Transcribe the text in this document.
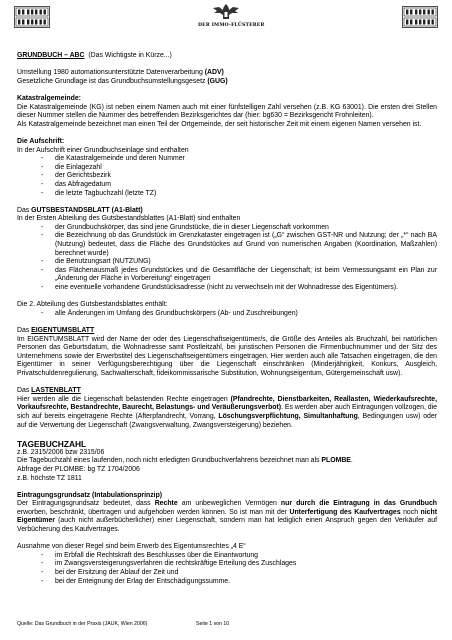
DER IMMO-FLÜSTERER

GRUNDBUCH – ABC (Das Wichtigste in Kürze...)

Umstellung 1980 automationsunterstützte Datenverarbeitung (ADV)

Gesetzliche Grundlage ist das Grundbuchsumstellungsgesetz (GUG)

Katastralgemeinde:

Die Katastralgemeinde (KG) ist neben einem Namen auch mit einer fünfstelligen Zahl versehen (z.B. KG 63001). Die ersten drei Stellen dieser Nummer stellen die Nummer des betreffenden Bezirksgerichtes dar (hier: bg630 = Bezirksgericht Frohnleiten).

Als Katastralgemeinde bezeichnet man einen Teil der Ortgemeinde, der seit historischer Zeit mit einem eigenen Namen versehen ist.

Die Aufschrift:

In der Aufschrift einer Grundbuchseinlage sind enthalten

- die Katastralgemeinde und deren Nummer
- die Einlagezahl
- der Gerichtsbezirk
- das Abfragedatum
- die letzte Tagbuchzahl (letzte TZ)

Das GUTSBESTANDSBLATT (A1-Blatt)

In der Ersten Abteilung des Gutsbestandsblattes (A1-Blatt) sind enthalten

- der Grundbuchskörper, das sind jene Grundstücke, die in dieser Liegenschaft vorkommen
- die Bezeichnung ob das Grundstück im Grenzkataster eingetragen ist („G“ zwischen GST-NR und Nutzung; der „*“ nach BA (Nutzung) bedeutet, dass die Fläche des Grundstückes auf Grund von numerischen Angaben (Koordination, Maßzahlen) berechnet wurde)
- die Benutzungsart (NUTZUNG)
- das Flächenausmaß jedes Grundstückes und die Gesamtfläche der Liegenschaft; ist beim Vermessungsamt ein Plan zur „Änderung der Fläche in Vorbereitung“ eingetragen
- eine eventuelle vorhandene Grundstücksadresse (nicht zu verwechseln mit der Wohnadresse des Eigentümers).

Die 2. Abteilung des Gutsbestandsblattes enthält:

- alle Änderungen im Umfang des Grundbuchskörpers (Ab- und Zuschreibungen)

Das EIGENTUMSBLATT

Im EIGENTUMSBLATT wird der Name der oder des Liegenschaftseigentümer/s, die Größe des Anteiles als Bruchzahl, bei natürlichen Personen das Geburtsdatum, die Wohnadresse samt Postleitzahl, bei juristischen Personen die Firmenbuchnummer und der Sitz des Unternehmens sowie der Erwerbstitel des Liegenschaftseigentümers eingetragen. Hier werden auch alle Tatsachen eingetragen, die den Eigentümer in seiner Verfügungsberechtigung über die Liegenschaft einschränken (Minderjährigkeit, Konkurs, Ausgleich, Privatschuldenregulierung, Sachwalterschaft, fideikommissarische Substitution, Wohnungseigentum, Gütergemeinschaft usw).

Das LASTENBLATT

Hier werden alle die Liegenschaft belastenden Rechte eingetragen (Pfandrechte, Dienstbarkeiten, Reallasten, Wiederkaufsrechte, Vorkaufsrechte, Bestandrechte, Baurecht, Belastungs- und Veräußerungsverbot). Es werden aber auch Eintragungen vollzogen, die sich auf bereits eingetragene Rechte (Afterpfandrecht, Vorrang, Löschungsverpflichtung, Simultanhaftung, Bedingungen usw) oder auf die Verwertung der Liegenschaft (Zwangsverwaltung, Zwangsversteigerung) beziehen.

TAGEBUCHZAHL

z.B. 2315/2006 bzw 2315/06

Die Tagebuchzahl eines laufenden, noch nicht erledigten Grundbuchverfahrens bezeichnet man als PLOMBE.

Abfrage der PLOMBE: bg TZ 1704/2006

z.B. höchste TZ 1811

Eintragungsgrundsatz (Intabulationsprinzip)

Der Eintragungsgrundsatz bedeutet, dass Rechte am unbeweglichen Vermögen nur durch die Eintragung in das Grundbuch erworben, beschränkt, übertragen und aufgehoben werden können. So ist man mit der Unterfertigung des Kaufvertrages noch nicht Eigentümer (auch nicht außerbücherlicher) einer Liegenschaft, sondern man hat lediglich einen Anspruch gegen den Verkäufer auf Verbücherung des Kaufvertrages.

Ausnahme von dieser Regel sind beim Erwerb des Eigentumsrechtes „4 E“

- im Erbfall die Rechtskraft des Beschlusses über die Einantwortung
- im Zwangsversteigerungsverfahren die rechtskräftige Erteilung des Zuschlages
- bei der Ersitzung der Ablauf der Zeit und
- bei der Enteignung der Erlag der Entschädigungssumme.
Quelle: Das Grundbuch in der Praxis (JAUK, Wien 2006)	Seite 1 von 10
